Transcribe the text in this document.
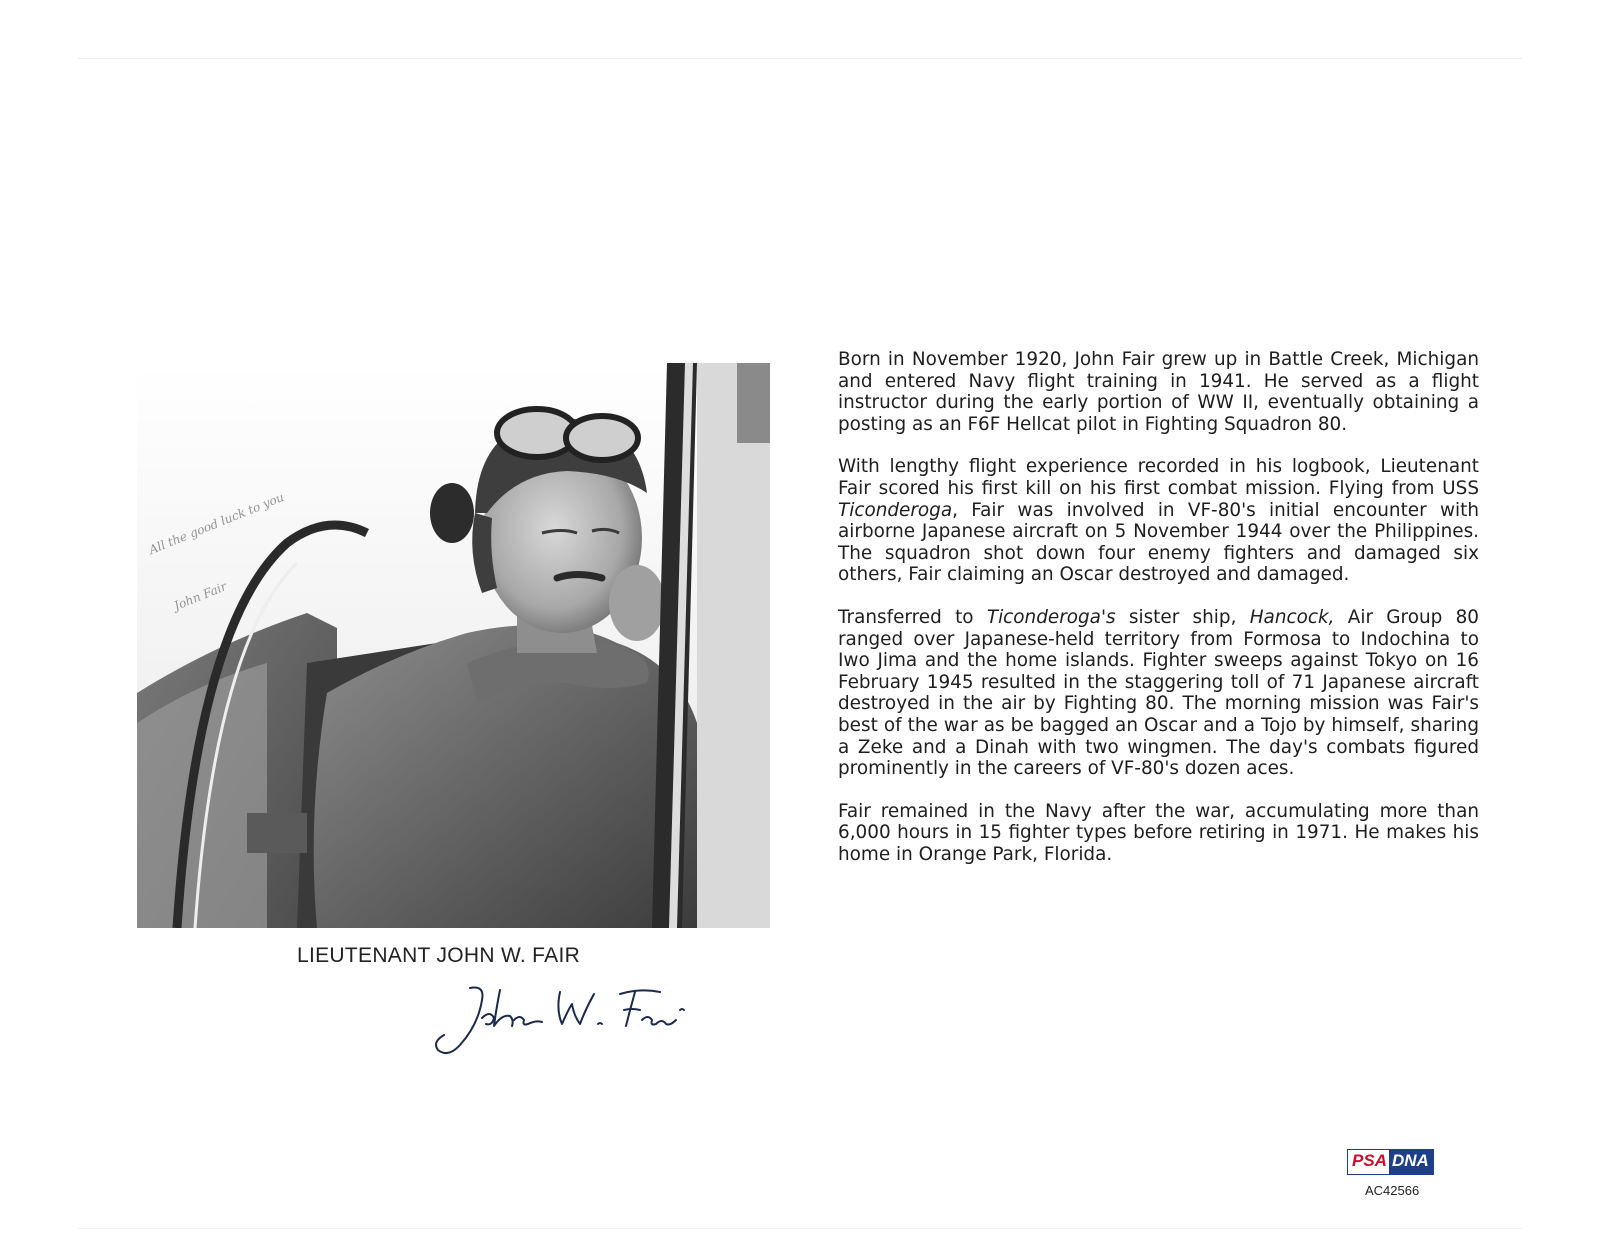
All the good luck to you
John Fair
LIEUTENANT JOHN W. FAIR

Born in November 1920, John Fair grew up in Battle Creek, Michigan and entered Navy flight training in 1941. He served as a flight instructor during the early portion of WW II, eventually obtaining a posting as an F6F Hellcat pilot in Fighting Squadron 80.

With lengthy flight experience recorded in his logbook, Lieutenant Fair scored his first kill on his first combat mission. Flying from USS Ticonderoga, Fair was involved in VF-80's initial encounter with airborne Japanese aircraft on 5 November 1944 over the Philippines. The squadron shot down four enemy fighters and damaged six others, Fair claiming an Oscar destroyed and damaged.

Transferred to Ticonderoga's sister ship, Hancock, Air Group 80 ranged over Japanese-held territory from Formosa to Indochina to Iwo Jima and the home islands. Fighter sweeps against Tokyo on 16 February 1945 resulted in the staggering toll of 71 Japanese aircraft destroyed in the air by Fighting 80. The morning mission was Fair's best of the war as be bagged an Oscar and a Tojo by himself, sharing a Zeke and a Dinah with two wingmen. The day's combats figured prominently in the careers of VF-80's dozen aces.

Fair remained in the Navy after the war, accumulating more than 6,000 hours in 15 fighter types before retiring in 1971. He makes his home in Orange Park, Florida.

PSA DNA
AC42566
